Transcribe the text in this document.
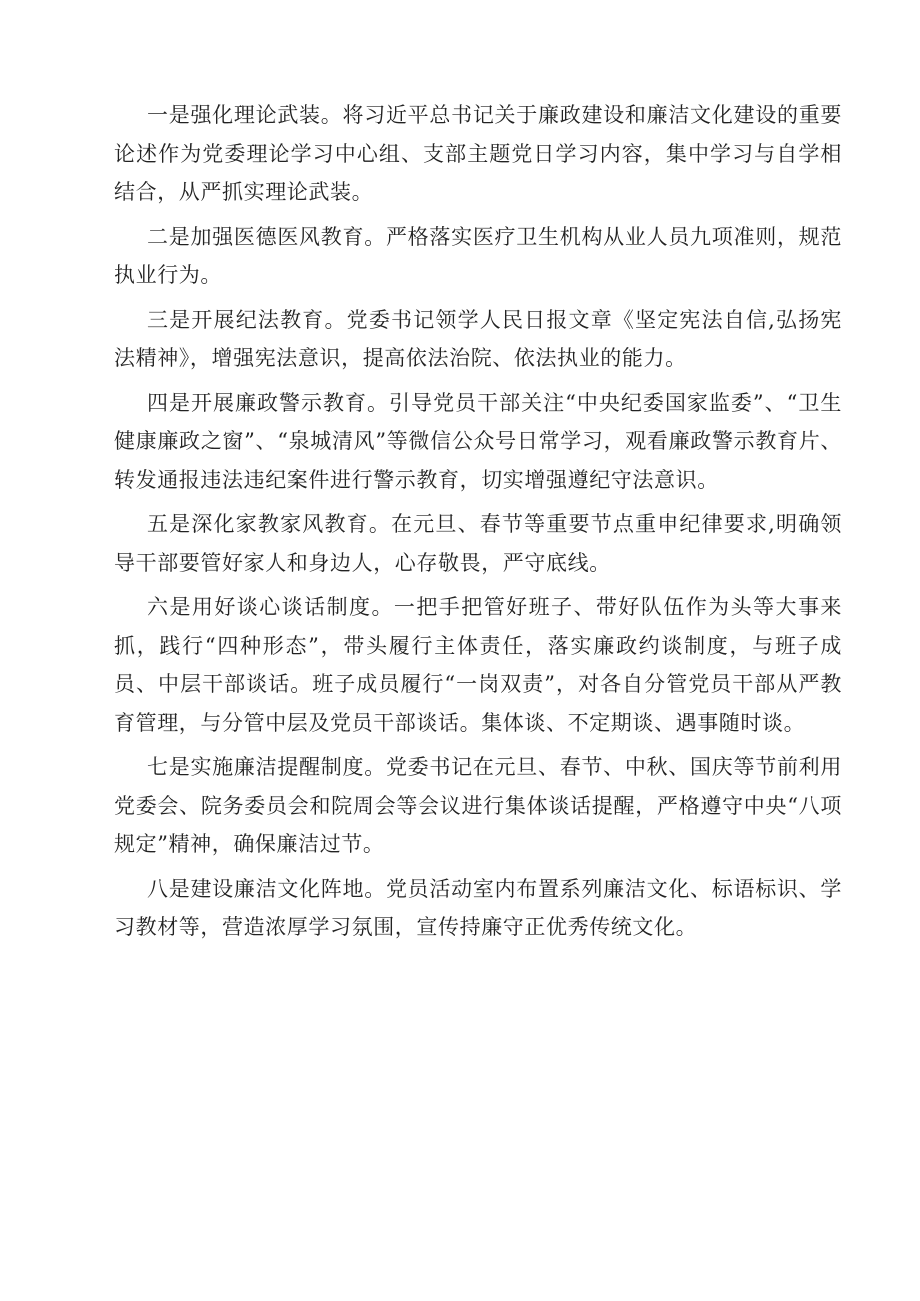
一是强化理论武装。将习近平总书记关于廉政建设和廉洁文化建设的重要论述作为党委理论学习中心组、支部主题党日学习内容，集中学习与自学相结合，从严抓实理论武装。

二是加强医德医风教育。严格落实医疗卫生机构从业人员九项准则，规范执业行为。

三是开展纪法教育。党委书记领学人民日报文章《坚定宪法自信,弘扬宪法精神》，增强宪法意识，提高依法治院、依法执业的能力。

四是开展廉政警示教育。引导党员干部关注“中央纪委国家监委”、“卫生健康廉政之窗”、“泉城清风”等微信公众号日常学习，观看廉政警示教育片、转发通报违法违纪案件进行警示教育，切实增强遵纪守法意识。

五是深化家教家风教育。在元旦、春节等重要节点重申纪律要求,明确领导干部要管好家人和身边人，心存敬畏，严守底线。

六是用好谈心谈话制度。一把手把管好班子、带好队伍作为头等大事来抓，践行“四种形态”，带头履行主体责任，落实廉政约谈制度，与班子成员、中层干部谈话。班子成员履行“一岗双责”，对各自分管党员干部从严教育管理，与分管中层及党员干部谈话。集体谈、不定期谈、遇事随时谈。

七是实施廉洁提醒制度。党委书记在元旦、春节、中秋、国庆等节前利用党委会、院务委员会和院周会等会议进行集体谈话提醒，严格遵守中央“八项规定”精神，确保廉洁过节。

八是建设廉洁文化阵地。党员活动室内布置系列廉洁文化、标语标识、学习教材等，营造浓厚学习氛围，宣传持廉守正优秀传统文化。
